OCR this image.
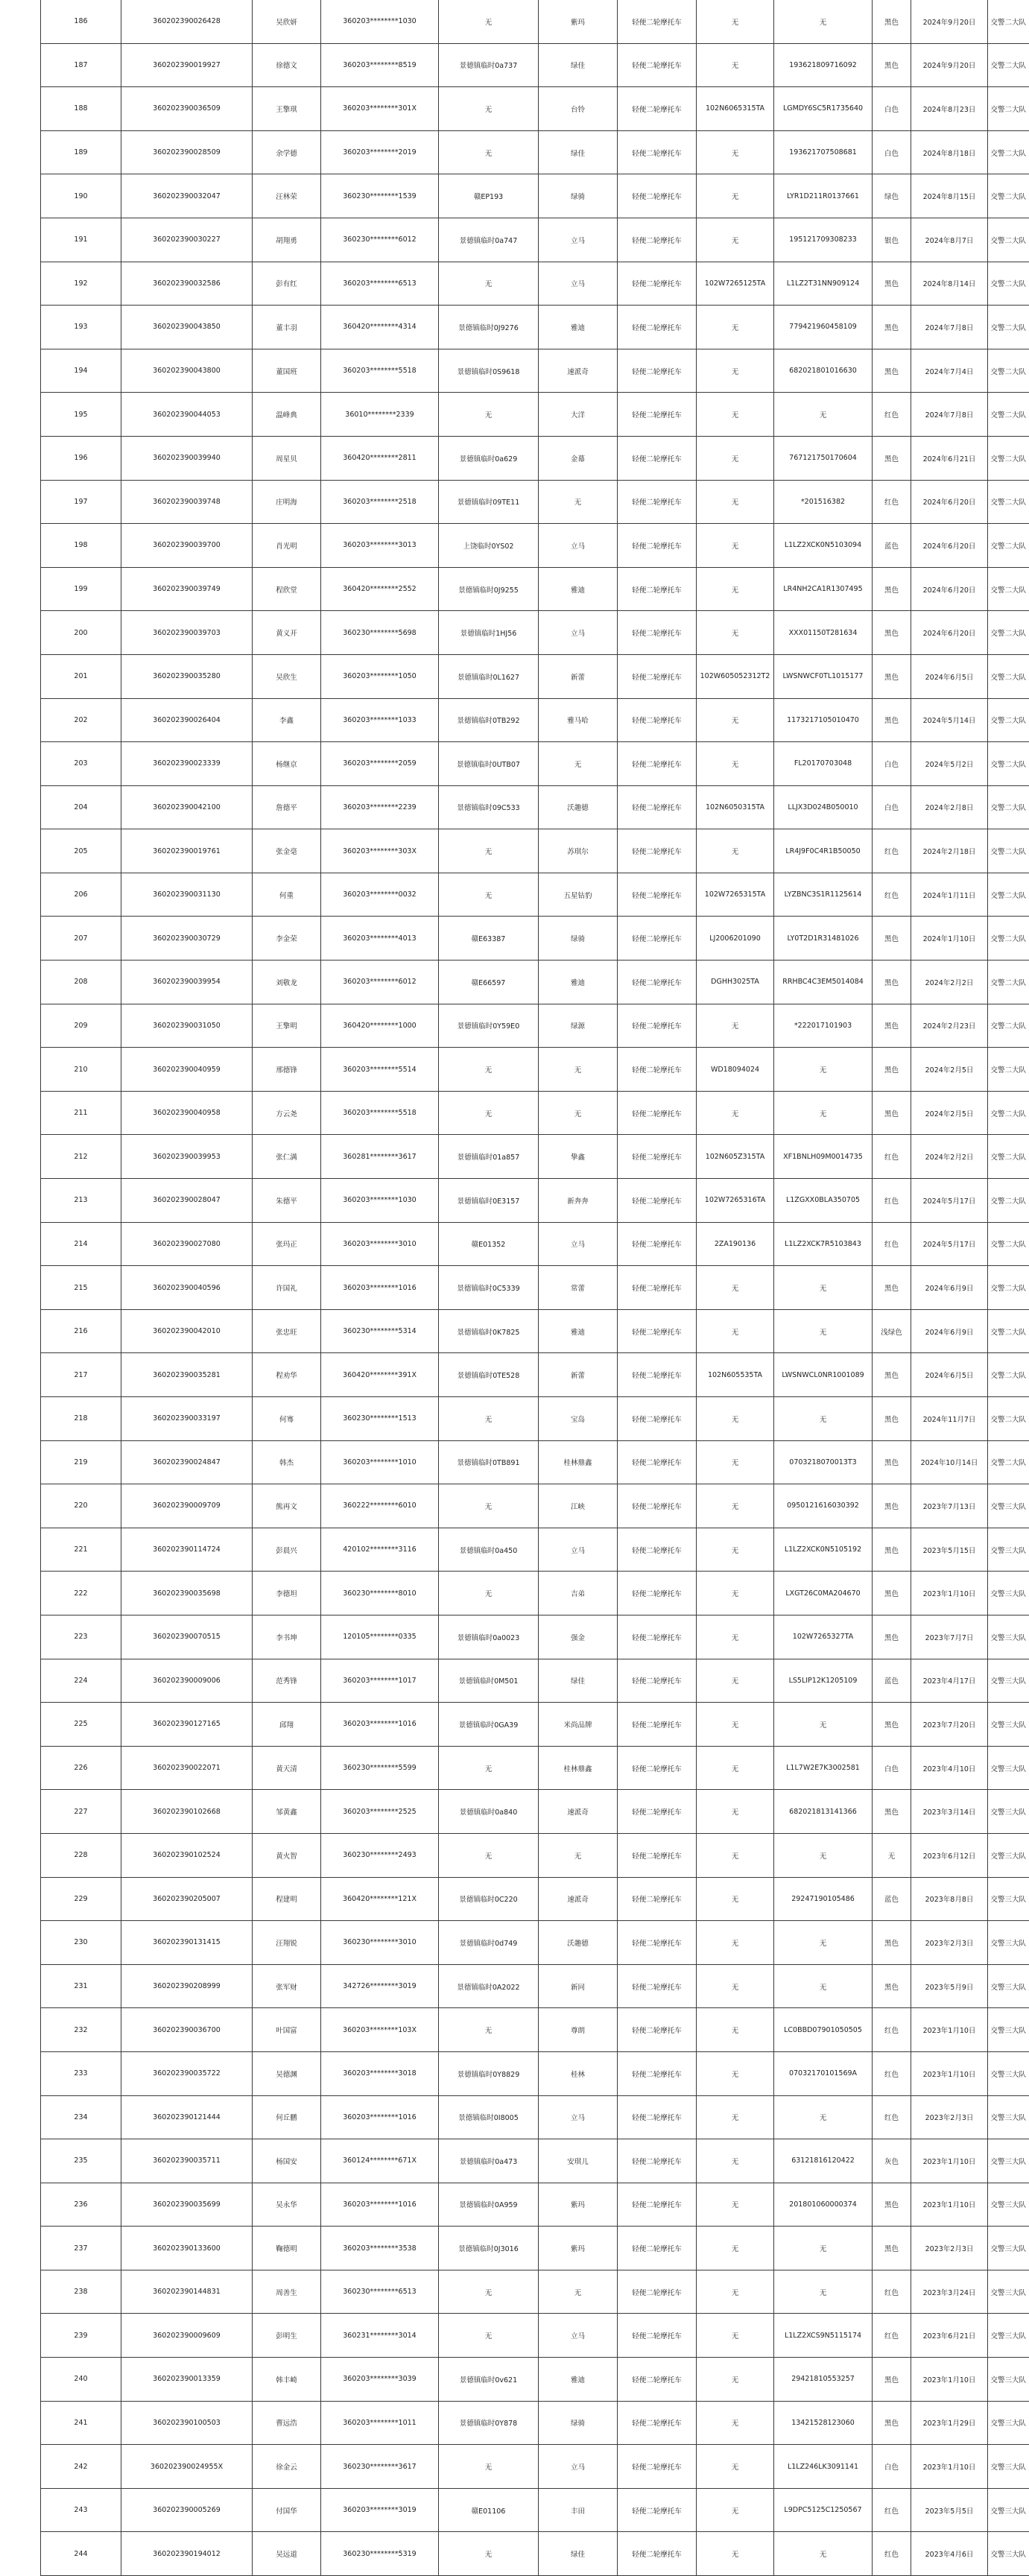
186	36020239002642​8	吴欣妍	360203********1030	无	紫玛	轻便二轮摩托车	无	无	黑色	2024年9月20日	交警二大队
187	360202390019927	徐德文	360203********8519	景德镇临时0a737	绿佳	轻便二轮摩托车	无	193621809716092	黑色	2024年9月20日	交警二大队
188	360202390036509	王擎琪	360203********301X	无	台铃	轻便二轮摩托车	102N6065315TA	LGMDY6SC5R1735640	白色	2024年8月23日	交警二大队
189	360202390028509	余学德	360203********2019	无	绿佳	轻便二轮摩托车	无	193621707508681	白色	2024年8月18日	交警二大队
190	360202390032047	汪林荣	360230********1539	赣EP193	绿骑	轻便二轮摩托车	无	LYR1D211R0137661	绿色	2024年8月15日	交警二大队
191	360202390030227	胡翔勇	360230********6012	景德镇临时0a747	立马	轻便二轮摩托车	无	195121709308233	银色	2024年8月7日	交警二大队
192	360202390032586	彭有红	360203********6513	无	立马	轻便二轮摩托车	102W7265125TA	L1LZ2T31NN909124	黑色	2024年8月14日	交警二大队
193	360202390043850	董丰羽	360420********4314	景德镇临时0J9276	雅迪	轻便二轮摩托车	无	779421960458109	黑色	2024年7月8日	交警二大队
194	360202390043800	董国班	360203********5518	景德镇临时0S9618	速派奇	轻便二轮摩托车	无	682021801016630	黑色	2024年7月4日	交警二大队
195	360202390044053	温峰典	36010********2339	无	大洋	轻便二轮摩托车	无	无	红色	2024年7月8日	交警二大队
196	360202390039940	周星贝	360420********2811	景德镇临时0a629	金幕	轻便二轮摩托车	无	767121750170604	黑色	2024年6月21日	交警二大队
197	360202390039748	庄明海	360203********2518	景德镇临时09TE11	无	轻便二轮摩托车	无	*201516382	红色	2024年6月20日	交警二大队
198	360202390039700	肖光明	360203********3013	上饶临时0YS02	立马	轻便二轮摩托车	无	L1LZ2XCK0N5103094	蓝色	2024年6月20日	交警二大队
199	360202390039749	程欣堂	360420********2552	景德镇临时0J9255	雅迪	轻便二轮摩托车	无	LR4NH2CA1R1307495	黑色	2024年6月20日	交警二大队
200	360202390039703	黄义开	360230********5698	景德镇临时1HJ56	立马	轻便二轮摩托车	无	XXX01150T281634	黑色	2024年6月20日	交警二大队
201	360202390035280	吴欣生	360203********1050	景德镇临时0L1627	新蕾	轻便二轮摩托车	102W605052312T2	LWSNWCF0TL1015177	黑色	2024年6月5日	交警二大队
202	360202390026404	李鑫	360203********1033	景德镇临时0TB292	雅马哈	轻便二轮摩托车	无	1173217105010470	黑色	2024年5月14日	交警二大队
203	360202390023339	杨继京	360203********2059	景德镇临时0UTB07	无	轻便二轮摩托车	无	FL20170703048	白色	2024年5月2日	交警二大队
204	360202390042100	詹德平	360203********2239	景德镇临时09C533	沃趣德	轻便二轮摩托车	102N6050315TA	LLJX3D024B050010	白色	2024年2月8日	交警二大队
205	360202390019761	张金毫	360203********303X	无	苏琪尔	轻便二轮摩托车	无	LR4J9F0C4R1B50050	红色	2024年2月18日	交警二大队
206	360202390031130	何重	360203********0032	无	五星钻豹	轻便二轮摩托车	102W7265315TA	LYZBNC3S1R1125614	红色	2024年1月11日	交警二大队
207	360202390030729	李金荣	360203********4013	赣E63387	绿骑	轻便二轮摩托车	LJ2006201090	LY0T2D1R31481026	黑色	2024年1月10日	交警二大队
208	360202390039954	刘敬龙	360203********6012	赣E66597	雅迪	轻便二轮摩托车	DGHH3025TA	RRHBC4C3EM5014084	黑色	2024年2月2日	交警二大队
209	360202390031050	王擎明	360420********1000	景德镇临时0Y59E0	绿源	轻便二轮摩托车	无	*222017101903	黑色	2024年2月23日	交警二大队
210	360202390040959	邢德锋	360203********5514	无	无	轻便二轮摩托车	WD18094024	无	黑色	2024年2月5日	交警二大队
211	360202390040958	方云尧	360203********5518	无	无	轻便二轮摩托车	无	无	黑色	2024年2月5日	交警二大队
212	360202390039953	张仁满	360281********3617	景德镇临时01a857	挚鑫	轻便二轮摩托车	102N605Z315TA	XF1BNLH09M0014735	红色	2024年2月2日	交警二大队
213	360202390028047	朱德平	360203********1030	景德镇临时0E3157	新奔奔	轻便二轮摩托车	102W7265316TA	L1ZGXX0BLA350705	红色	2024年5月17日	交警二大队
214	360202390027080	张玛正	360203********3010	赣E01352	立马	轻便二轮摩托车	2ZA190136	L1LZ2XCK7R5103843	红色	2024年5月17日	交警二大队
215	360202390040596	许国礼	360203********1016	景德镇临时0C5339	常蕾	轻便二轮摩托车	无	无	黑色	2024年6月9日	交警二大队
216	360202390042010	张忠旺	360230********5314	景德镇临时0K7825	雅迪	轻便二轮摩托车	无	无	浅绿色	2024年6月9日	交警二大队
217	360202390035281	程劝华	360420********391X	景德镇临时0TE528	新蕾	轻便二轮摩托车	102N605535TA	LWSNWCL0NR1001089	黑色	2024年6月5日	交警二大队
218	360202390033197	何骞	360230********1513	无	宝岛	轻便二轮摩托车	无	无	黑色	2024年11月7日	交警二大队
219	360202390024847	韩杰	360203********1010	景德镇临时0TB891	桂林鼎鑫	轻便二轮摩托车	无	0703218070013T3	黑色	2024年10月14日	交警二大队
220	360202390009709	熊再文	360222********6010	无	江峡	轻便二轮摩托车	无	0950121616030392	黑色	2023年7月13日	交警三大队
221	360202390114724	彭晨兴	420102********3116	景德镇临时0a450	立马	轻便二轮摩托车	无	L1LZ2XCK0N5105192	黑色	2023年5月15日	交警三大队
222	360202390035698	李德坦	360230********8010	无	吉弟	轻便二轮摩托车	无	LXGT26C0MA204670	黑色	2023年1月10日	交警三大队
223	360202390070515	李书坤	120105********0335	景德镇临时0a0023	强金	轻便二轮摩托车	无	102W7265327TA	黑色	2023年7月7日	交警三大队
224	360202390009006	范秀锋	360203********1017	景德镇临时0M501	绿佳	轻便二轮摩托车	无	LS5LIP12K1205109	蓝色	2023年4月17日	交警三大队
225	360202390127165	邱翔	360203********1016	景德镇临时0GA39	米尚品牌	轻便二轮摩托车	无	无	黑色	2023年7月20日	交警三大队
226	360202390022071	黄天清	360230********5599	无	桂林鼎鑫	轻便二轮摩托车	无	L1L7W2E7K3002581	白色	2023年4月10日	交警三大队
227	360202390102668	邹黄鑫	360203********2525	景德镇临时0a840	速派奇	轻便二轮摩托车	无	682021813141366	黑色	2023年3月14日	交警三大队
228	360202390102524	黄火智	360230********2493	无	无	轻便二轮摩托车	无	无	无	2023年6月12日	交警三大队
229	360202390205007	程建明	360420********121X	景德镇临时0C220	速派奇	轻便二轮摩托车	无	29247190105486	蓝色	2023年8月8日	交警三大队
230	360202390131415	汪翔锐	360230********3010	景德镇临时0d749	沃趣德	轻便二轮摩托车	无	无	黑色	2023年2月3日	交警三大队
231	360202390208999	张军财	342726********3019	景德镇临时0A2022	新同	轻便二轮摩托车	无	无	黑色	2023年5月9日	交警三大队
232	360202390036700	叶国富	360203********103X	无	尊朗	轻便二轮摩托车	无	LC0BBD07901050505	红色	2023年1月10日	交警三大队
233	360202390035722	吴德渊	360203********3018	景德镇临时0Y8829	桂林	轻便二轮摩托车	无	07032170101569A	红色	2023年1月10日	交警三大队
234	360202390121444	何丘鹏	360203********1016	景德镇临时0I8005	立马	轻便二轮摩托车	无	无	红色	2023年2月3日	交警三大队
235	360202390035711	杨国安	360124********671X	景德镇临时0a473	安琪儿	轻便二轮摩托车	无	63121816120422	灰色	2023年1月10日	交警三大队
236	360202390035699	吴永华	360203********1016	景德镇临时0A959	紫玛	轻便二轮摩托车	无	201801060000374	黑色	2023年1月10日	交警三大队
237	360202390133600	鞠德明	360203********3538	景德镇临时0J3016	紫玛	轻便二轮摩托车	无	无	黑色	2023年2月3日	交警三大队
238	360202390144831	周善生	360230********6513	无	无	轻便二轮摩托车	无	无	红色	2023年3月24日	交警三大队
239	360202390009609	彭明生	360231********3014	无	立马	轻便二轮摩托车	无	L1LZ2XCS9N5115174	红色	2023年6月21日	交警三大队
240	360202390013359	韩丰崎	360203********3039	景德镇临时0v621	雅迪	轻便二轮摩托车	无	29421810553257	黑色	2023年1月10日	交警三大队
241	360202390100503	曹远浩	360203********1011	景德镇临时0Y878	绿骑	轻便二轮摩托车	无	13421528123060	黑色	2023年1月29日	交警三大队
242	360202390024955X	徐金云	360230********3617	无	立马	轻便二轮摩托车	无	L1LZ246LK3091141	白色	2023年1月10日	交警三大队
243	360202390005269	付国华	360203********3019	赣E01106	丰田	轻便二轮摩托车	无	L9DPC5125C1250567	红色	2023年5月5日	交警三大队
244	360202390194012	吴远道	360230********5319	无	绿佳	轻便二轮摩托车	无	无	红色	2023年4月6日	交警三大队
